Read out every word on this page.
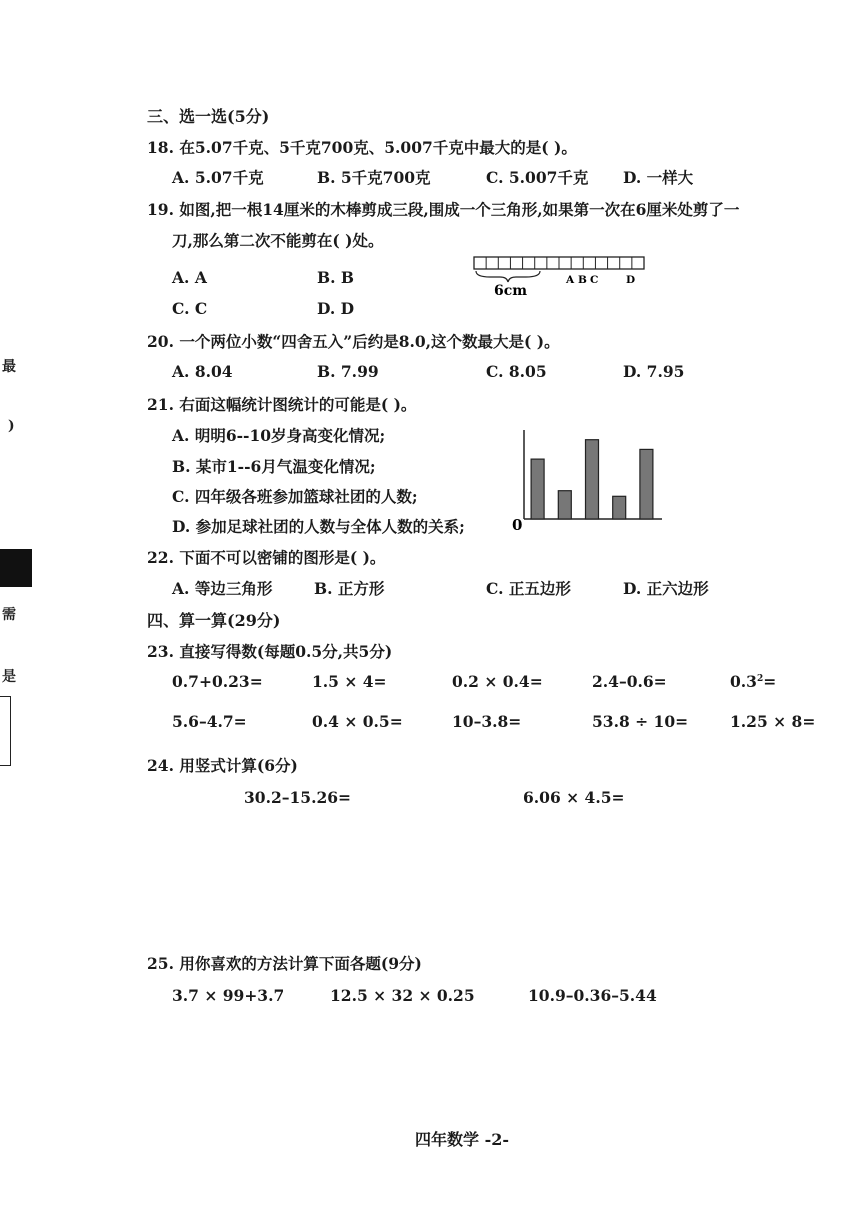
最
)
需
是
三、选一选(5分)
18. 在5.07千克、5千克700克、5.007千克中最大的是( )。
A. 5.07千克	B. 5千克700克	C. 5.007千克 D. 一样大
19. 如图,把一根14厘米的木棒剪成三段,围成一个三角形,如果第一次在6厘米处剪了一
刀,那么第二次不能剪在( )处。
A. A	B. B
C. C	D. D
6cm
A B C	D
20. 一个两位小数“四舍五入”后约是8.0,这个数最大是( )。
A. 8.04	B. 7.99	C. 8.05	D. 7.95
21. 右面这幅统计图统计的可能是( )。
A. 明明6--10岁身高变化情况;
B. 某市1--6月气温变化情况;
C. 四年级各班参加篮球社团的人数;
D. 参加足球社团的人数与全体人数的关系;	0
22. 下面不可以密铺的图形是( )。
A. 等边三角形	B. 正方形	C. 正五边形	D. 正六边形
四、算一算(29分)
23. 直接写得数(每题0.5分,共5分)
0.7+0.23=	1.5 × 4=	0.2 × 0.4=	2.4–0.6=	$0.3^2=$
5.6–4.7=	0.4 × 0.5=	10–3.8=	53.8 ÷ 10=	1.25 × 8=
24. 用竖式计算(6分)
30.2–15.26=	6.06 × 4.5=
25. 用你喜欢的方法计算下面各题(9分)
3.7 × 99+3.7	12.5 × 32 × 0.25	10.9–0.36–5.44
四年数学 -2-
